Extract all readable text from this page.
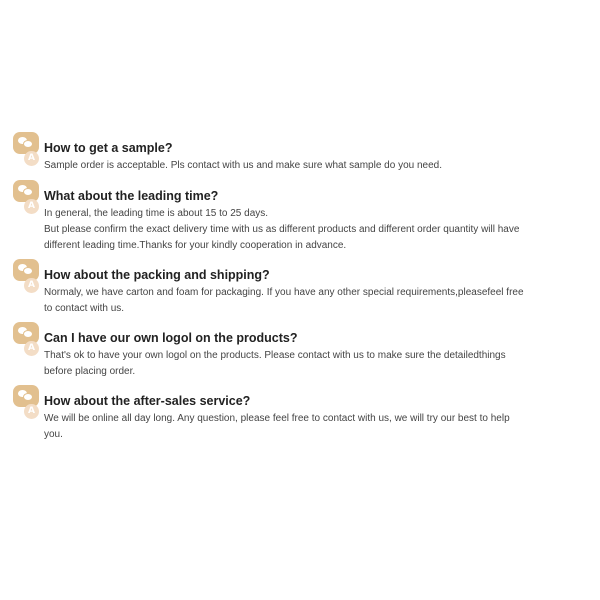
A
How to get a sample?
Sample order is acceptable. Pls contact with us and make sure what sample do you need.
A
What about the leading time?
In general, the leading time is about 15 to 25 days.
But please confirm the exact delivery time with us as different products and different order quantity will have
different leading time.Thanks for your kindly cooperation in advance.
A
How about the packing and shipping?
Normaly, we have carton and foam for packaging. If you have any other special requirements,pleasefeel free
to contact with us.
A
Can I have our own logol on the products?
That's ok to have your own logol on the products. Please contact with us to make sure the detailedthings
before placing order.
A
How about the after-sales service?
We will be online all day long. Any question, please feel free to contact with us, we will try our best to help
you.
